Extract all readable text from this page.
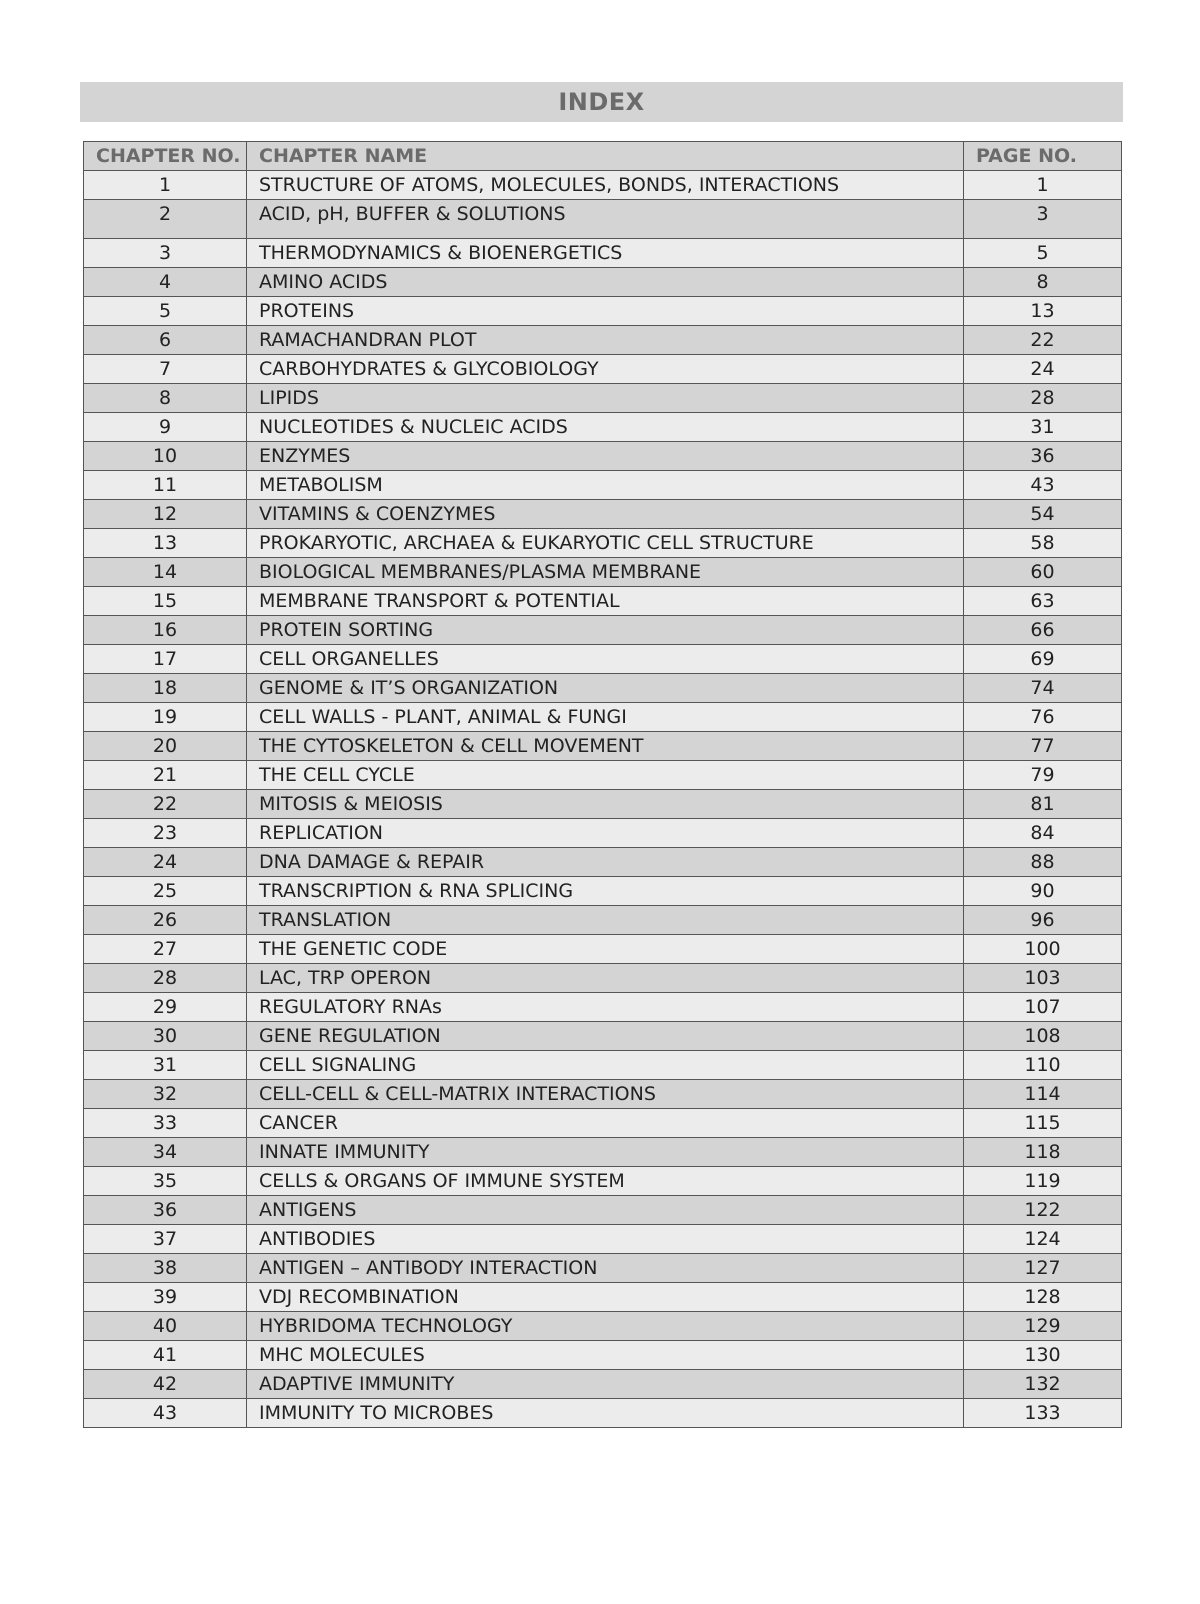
INDEX
CHAPTER NO.	CHAPTER NAME	PAGE NO.
1	STRUCTURE OF ATOMS, MOLECULES, BONDS, INTERACTIONS	1
2	ACID, pH, BUFFER & SOLUTIONS	3
3	THERMODYNAMICS & BIOENERGETICS	5
4	AMINO ACIDS	8
5	PROTEINS	13
6	RAMACHANDRAN PLOT	22
7	CARBOHYDRATES & GLYCOBIOLOGY	24
8	LIPIDS	28
9	NUCLEOTIDES & NUCLEIC ACIDS	31
10	ENZYMES	36
11	METABOLISM	43
12	VITAMINS & COENZYMES	54
13	PROKARYOTIC, ARCHAEA & EUKARYOTIC CELL STRUCTURE	58
14	BIOLOGICAL MEMBRANES/PLASMA MEMBRANE	60
15	MEMBRANE TRANSPORT & POTENTIAL	63
16	PROTEIN SORTING	66
17	CELL ORGANELLES	69
18	GENOME & IT’S ORGANIZATION	74
19	CELL WALLS - PLANT, ANIMAL & FUNGI	76
20	THE CYTOSKELETON & CELL MOVEMENT	77
21	THE CELL CYCLE	79
22	MITOSIS & MEIOSIS	81
23	REPLICATION	84
24	DNA DAMAGE & REPAIR	88
25	TRANSCRIPTION & RNA SPLICING	90
26	TRANSLATION	96
27	THE GENETIC CODE	100
28	LAC, TRP OPERON	103
29	REGULATORY RNAs	107
30	GENE REGULATION	108
31	CELL SIGNALING	110
32	CELL-CELL & CELL-MATRIX INTERACTIONS	114
33	CANCER	115
34	INNATE IMMUNITY	118
35	CELLS & ORGANS OF IMMUNE SYSTEM	119
36	ANTIGENS	122
37	ANTIBODIES	124
38	ANTIGEN – ANTIBODY INTERACTION	127
39	VDJ RECOMBINATION	128
40	HYBRIDOMA TECHNOLOGY	129
41	MHC MOLECULES	130
42	ADAPTIVE IMMUNITY	132
43	IMMUNITY TO MICROBES	133
